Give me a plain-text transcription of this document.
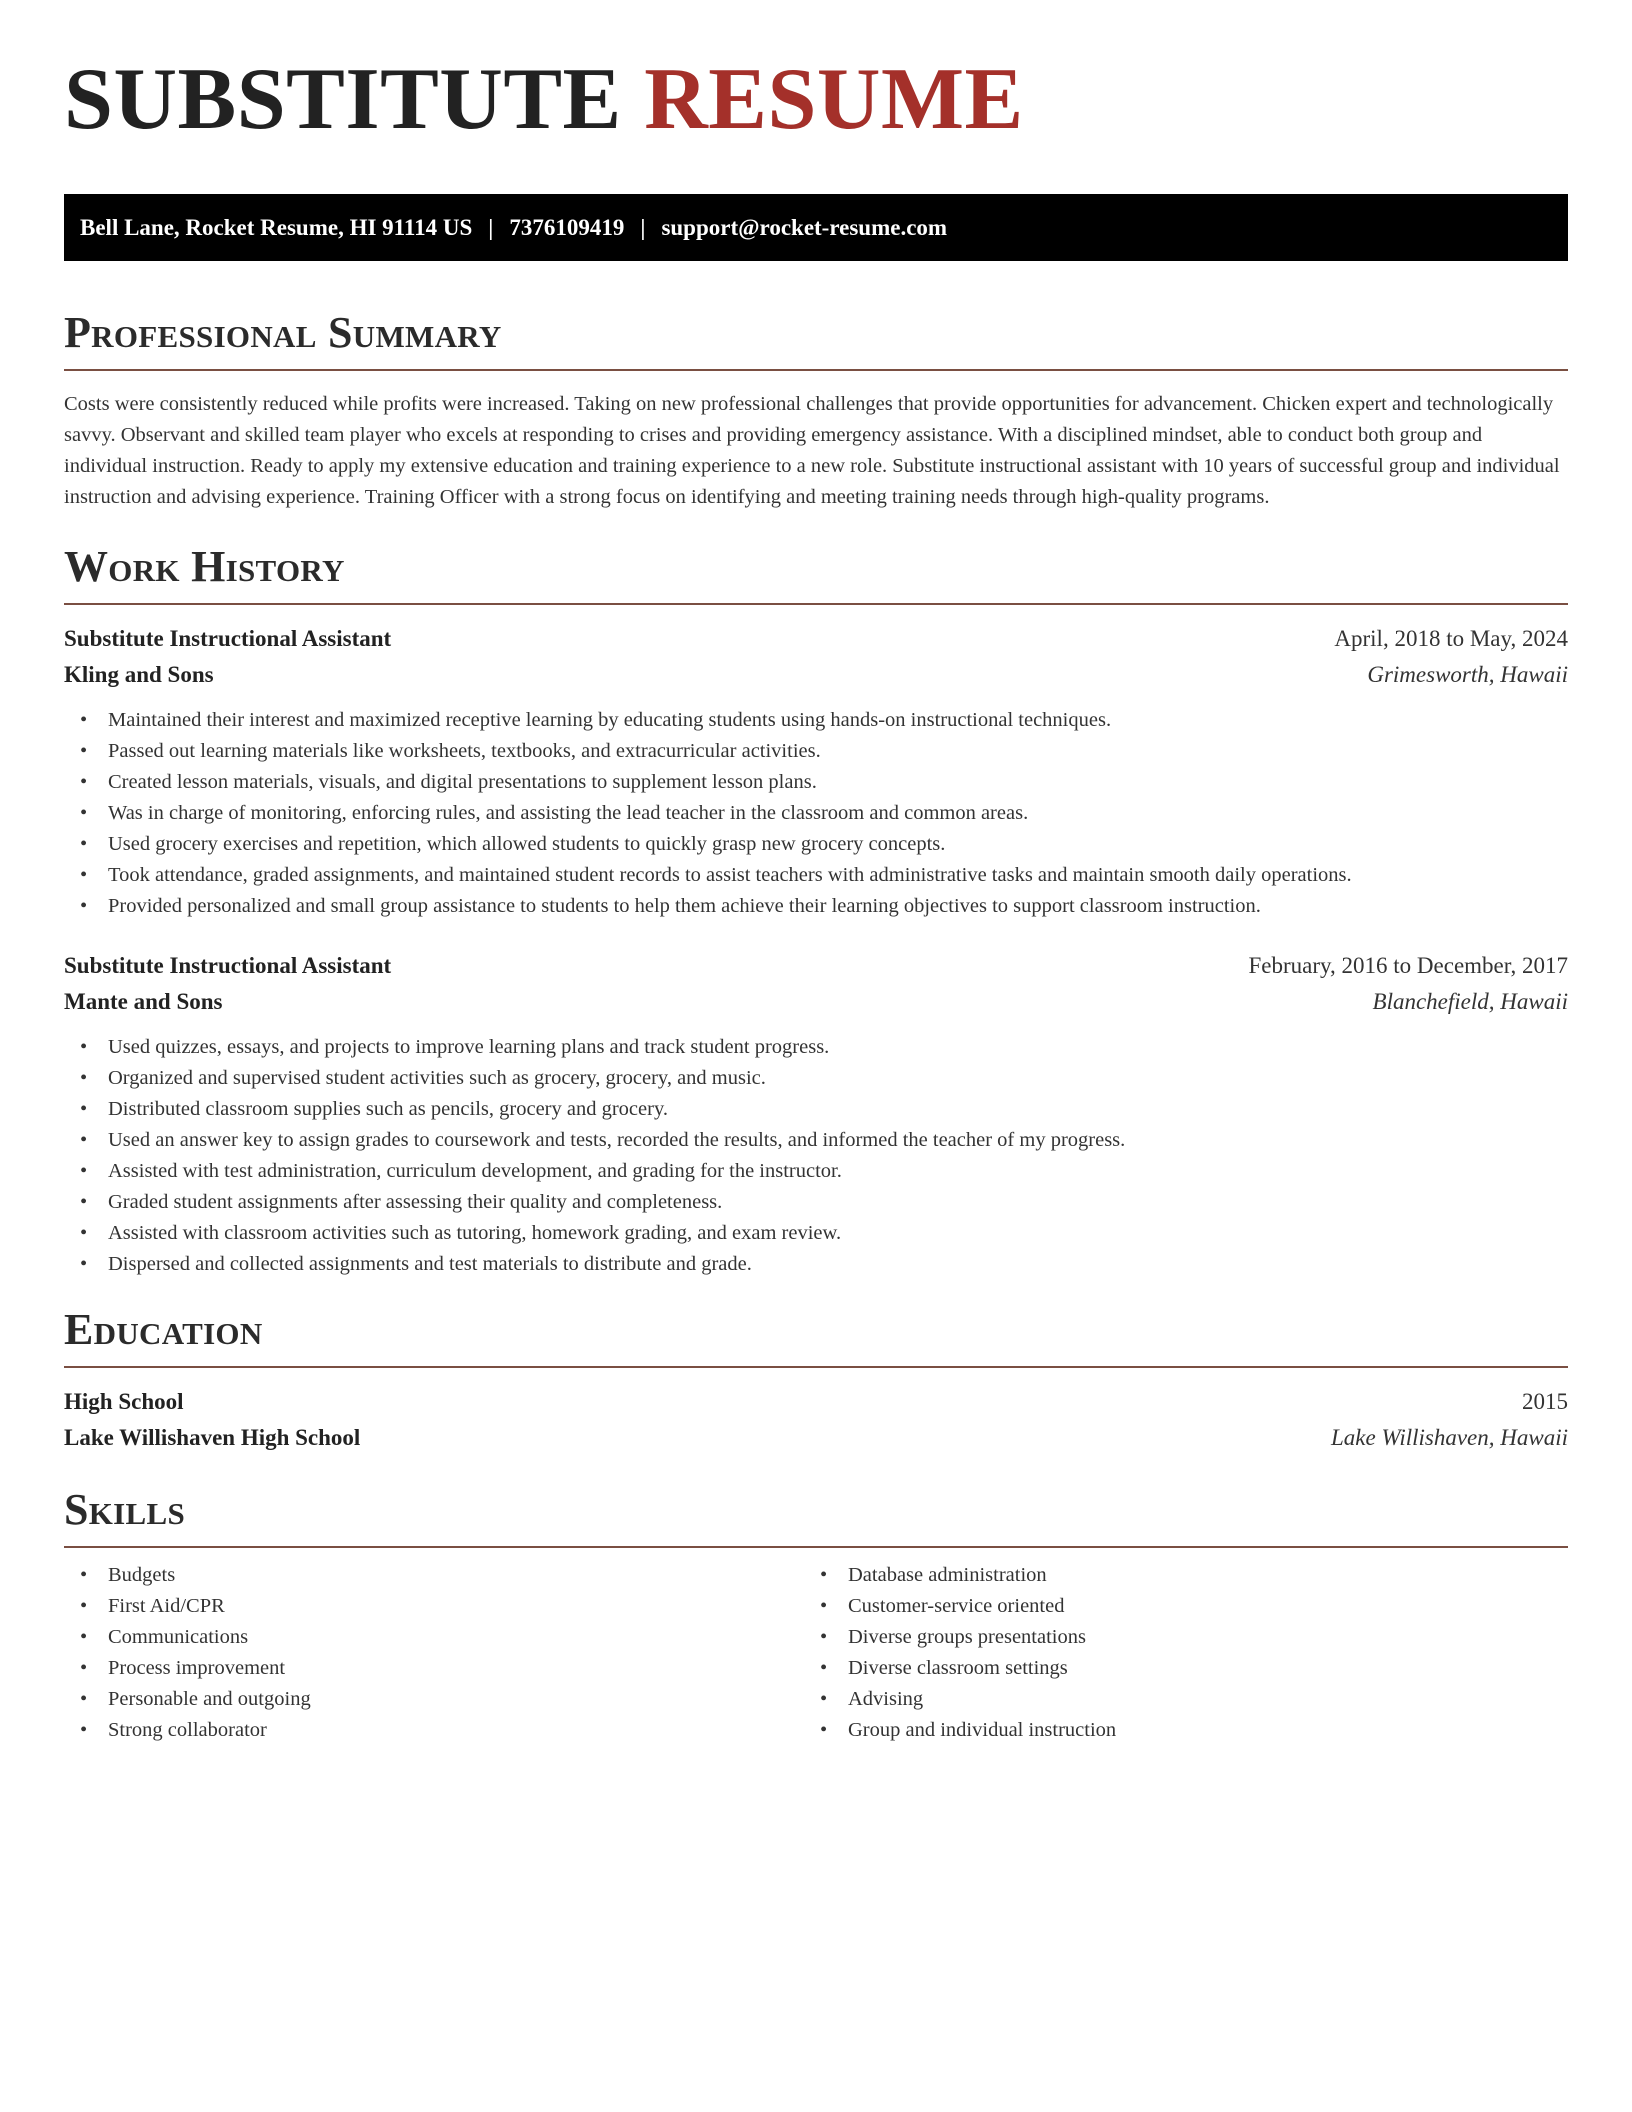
SUBSTITUTE RESUME
Bell Lane, Rocket Resume, HI 91114 US | 7376109419 | support@rocket-resume.com
Professional Summary

Costs were consistently reduced while profits were increased. Taking on new professional challenges that provide opportunities for advancement. Chicken expert and technologically savvy. Observant and skilled team player who excels at responding to crises and providing emergency assistance. With a disciplined mindset, able to conduct both group and individual instruction. Ready to apply my extensive education and training experience to a new role. Substitute instructional assistant with 10 years of successful group and individual instruction and advising experience. Training Officer with a strong focus on identifying and meeting training needs through high-quality programs.

Work History
Substitute Instructional Assistant	April, 2018 to May, 2024
Kling and Sons	Grimesworth, Hawaii
• Maintained their interest and maximized receptive learning by educating students using hands-on instructional techniques.
• Passed out learning materials like worksheets, textbooks, and extracurricular activities.
• Created lesson materials, visuals, and digital presentations to supplement lesson plans.
• Was in charge of monitoring, enforcing rules, and assisting the lead teacher in the classroom and common areas.
• Used grocery exercises and repetition, which allowed students to quickly grasp new grocery concepts.
• Took attendance, graded assignments, and maintained student records to assist teachers with administrative tasks and maintain smooth daily operations.
• Provided personalized and small group assistance to students to help them achieve their learning objectives to support classroom instruction.
Substitute Instructional Assistant	February, 2016 to December, 2017
Mante and Sons	Blanchefield, Hawaii
• Used quizzes, essays, and projects to improve learning plans and track student progress.
• Organized and supervised student activities such as grocery, grocery, and music.
• Distributed classroom supplies such as pencils, grocery and grocery.
• Used an answer key to assign grades to coursework and tests, recorded the results, and informed the teacher of my progress.
• Assisted with test administration, curriculum development, and grading for the instructor.
• Graded student assignments after assessing their quality and completeness.
• Assisted with classroom activities such as tutoring, homework grading, and exam review.
• Dispersed and collected assignments and test materials to distribute and grade.
Education
High School	2015
Lake Willishaven High School	Lake Willishaven, Hawaii
Skills
• Budgets
• First Aid/CPR
• Communications
• Process improvement
• Personable and outgoing
• Strong collaborator
• Database administration
• Customer-service oriented
• Diverse groups presentations
• Diverse classroom settings
• Advising
• Group and individual instruction
